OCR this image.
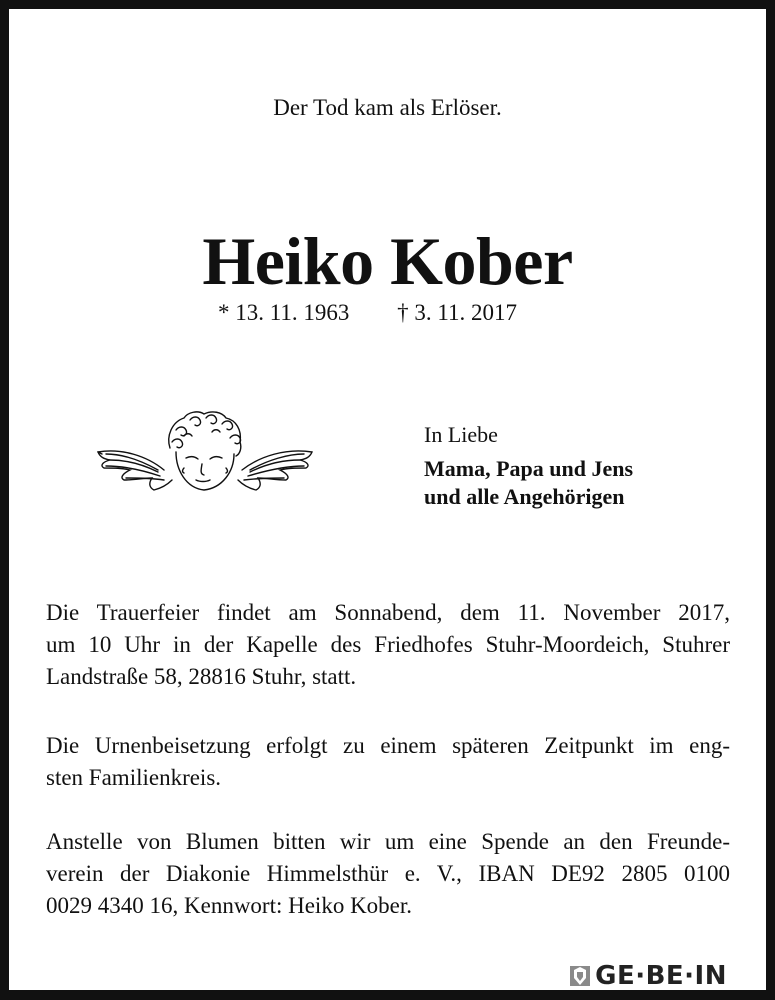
Der Tod kam als Erlöser.
Heiko Kober
* 13. 11. 1963 † 3. 11. 2017
In Liebe
Mama, Papa und Jens
und alle Angehörigen
Die Trauerfeier findet am Sonnabend, dem 11. November 2017,
um 10 Uhr in der Kapelle des Friedhofes Stuhr-Moordeich, Stuhrer
Landstraße 58, 28816 Stuhr, statt.
Die Urnenbeisetzung erfolgt zu einem späteren Zeitpunkt im eng-
sten Familienkreis.
Anstelle von Blumen bitten wir um eine Spende an den Freunde-
verein der Diakonie Himmelsthür e. V., IBAN DE92 2805 0100
0029 4340 16, Kennwort: Heiko Kober.
GE·BE·IN
